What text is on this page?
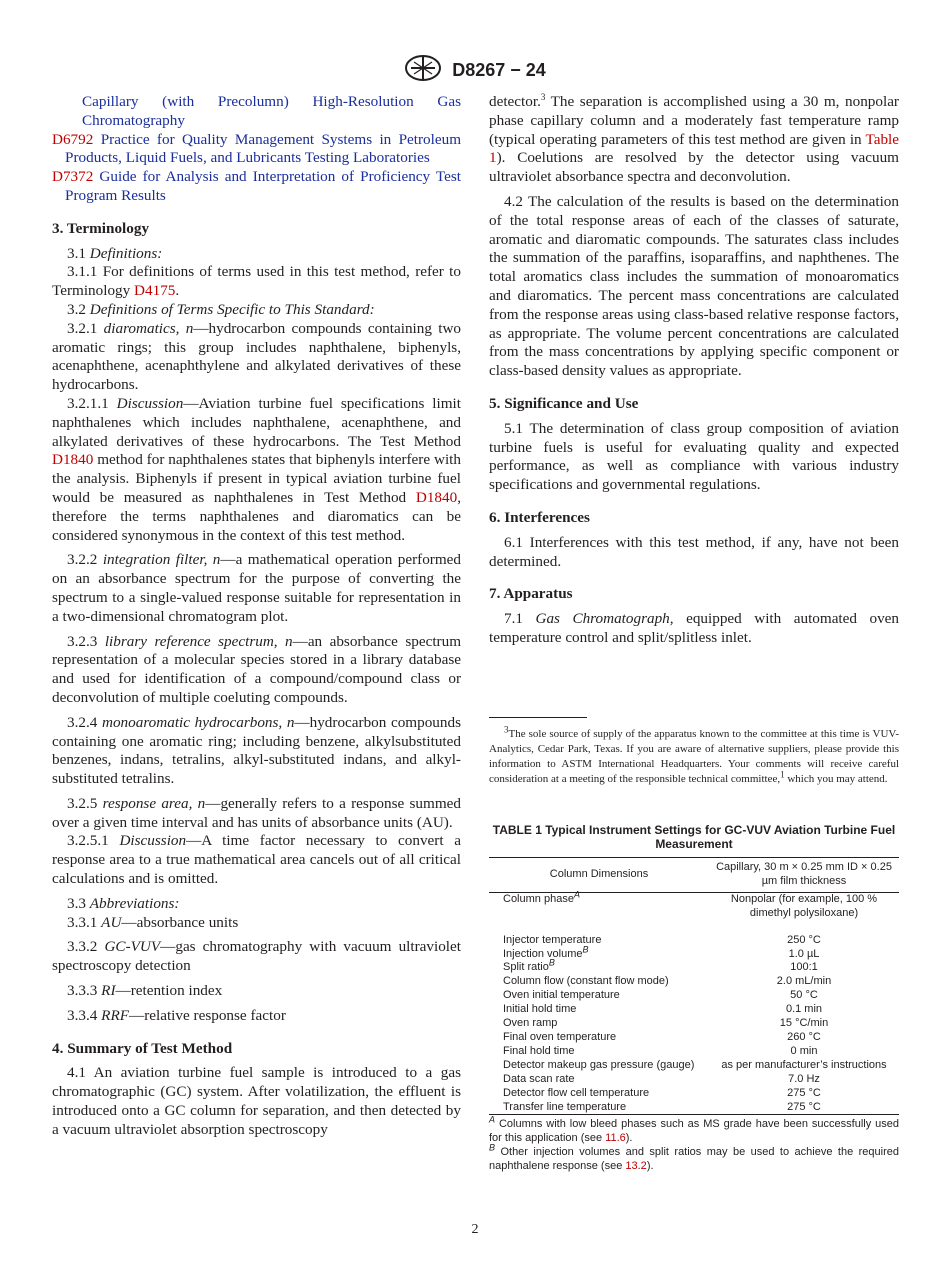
D8267 − 24

Capillary (with Precolumn) High-Resolution Gas Chromatography

D6792 Practice for Quality Management Systems in Petroleum Products, Liquid Fuels, and Lubricants Testing Laboratories

D7372 Guide for Analysis and Interpretation of Proficiency Test Program Results

3. Terminology

3.1 Definitions:

3.1.1 For definitions of terms used in this test method, refer to Terminology D4175.

3.2 Definitions of Terms Specific to This Standard:

3.2.1 diaromatics, n—hydrocarbon compounds containing two aromatic rings; this group includes naphthalene, biphenyls, acenaphthene, acenaphthylene and alkylated derivatives of these hydrocarbons.

3.2.1.1 Discussion—Aviation turbine fuel specifications limit naphthalenes which includes naphthalene, acenaphthene, and alkylated derivatives of these hydrocarbons. The Test Method D1840 method for naphthalenes states that biphenyls interfere with the analysis. Biphenyls if present in typical aviation turbine fuel would be measured as naphthalenes in Test Method D1840, therefore the terms naphthalenes and diaromatics can be considered synonymous in the context of this test method.

3.2.2 integration filter, n—a mathematical operation performed on an absorbance spectrum for the purpose of converting the spectrum to a single-valued response suitable for representation in a two-dimensional chromatogram plot.

3.2.3 library reference spectrum, n—an absorbance spectrum representation of a molecular species stored in a library database and used for identification of a compound/compound class or deconvolution of multiple coeluting compounds.

3.2.4 monoaromatic hydrocarbons, n—hydrocarbon compounds containing one aromatic ring; including benzene, alkylsubstituted benzenes, indans, tetralins, alkyl-substituted indans, and alkyl-substituted tetralins.

3.2.5 response area, n—generally refers to a response summed over a given time interval and has units of absorbance units (AU).

3.2.5.1 Discussion—A time factor necessary to convert a response area to a true mathematical area cancels out of all critical calculations and is omitted.

3.3 Abbreviations:

3.3.1 AU—absorbance units

3.3.2 GC-VUV—gas chromatography with vacuum ultraviolet spectroscopy detection

3.3.3 RI—retention index

3.3.4 RRF—relative response factor

4. Summary of Test Method

4.1 An aviation turbine fuel sample is introduced to a gas chromatographic (GC) system. After volatilization, the effluent is introduced onto a GC column for separation, and then detected by a vacuum ultraviolet absorption spectroscopy

detector.$^3$ The separation is accomplished using a 30 m, nonpolar phase capillary column and a moderately fast temperature ramp (typical operating parameters of this test method are given in Table 1). Coelutions are resolved by the detector using vacuum ultraviolet absorbance spectra and deconvolution.

4.2 The calculation of the results is based on the determination of the total response areas of each of the classes of saturate, aromatic and diaromatic compounds. The saturates class includes the summation of the paraffins, isoparaffins, and naphthenes. The total aromatics class includes the summation of monoaromatics and diaromatics. The percent mass concentrations are calculated from the response areas using class-based relative response factors, as appropriate. The volume percent concentrations are calculated from the mass concentrations by applying specific component or class-based density values as appropriate.

5. Significance and Use

5.1 The determination of class group composition of aviation turbine fuels is useful for evaluating quality and expected performance, as well as compliance with various industry specifications and governmental regulations.

6. Interferences

6.1 Interferences with this test method, if any, have not been determined.

7. Apparatus

7.1 Gas Chromatograph, equipped with automated oven temperature control and split/splitless inlet.

$^3$The sole source of supply of the apparatus known to the committee at this time is VUV-Analytics, Cedar Park, Texas. If you are aware of alternative suppliers, please provide this information to ASTM International Headquarters. Your comments will receive careful consideration at a meeting of the responsible technical committee,$^1$ which you may attend.
TABLE 1 Typical Instrument Settings for GC-VUV Aviation Turbine Fuel Measurement
Column Dimensions	Capillary, 30 m × 0.25 mm ID × 0.25 µm film thickness
Column phase$^A$	Nonpolar (for example, 100 % dimethyl polysiloxane)

Injector temperature	250 °C
Injection volume$^B$	1.0 µL
Split ratio$^B$	100:1
Column flow (constant flow mode)	2.0 mL/min
Oven initial temperature	50 °C
Initial hold time	0.1 min
Oven ramp	15 °C/min
Final oven temperature	260 °C
Final hold time	0 min
Detector makeup gas pressure (gauge)	as per manufacturer’s instructions
Data scan rate	7.0 Hz
Detector flow cell temperature	275 °C
Transfer line temperature	275 °C

$^A$ Columns with low bleed phases such as MS grade have been successfully used for this application (see 11.6).

$^B$ Other injection volumes and split ratios may be used to achieve the required naphthalene response (see 13.2).

2
